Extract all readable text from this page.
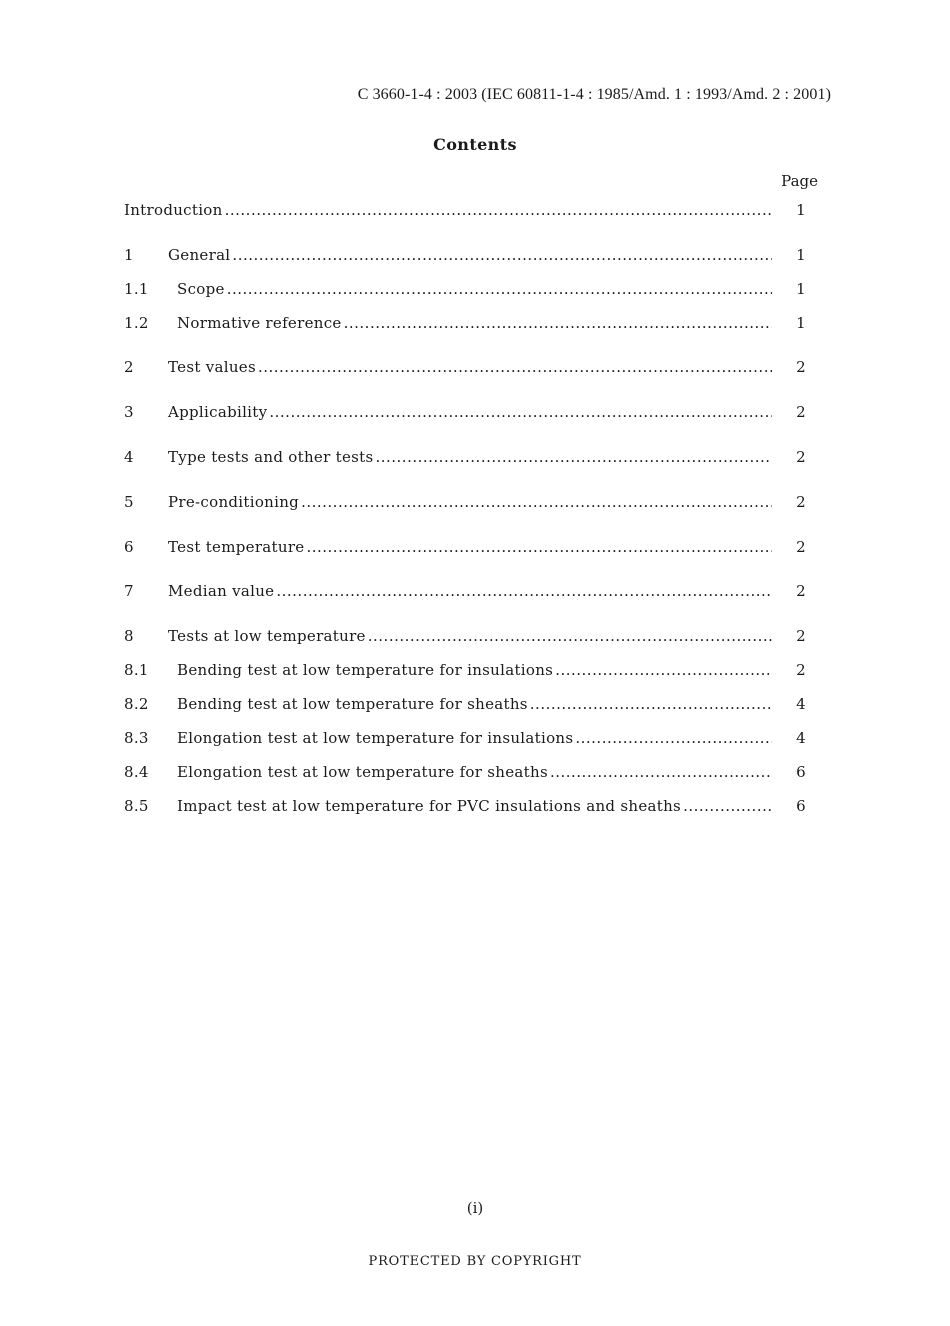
C 3660-1-4 : 2003 (IEC 60811-1-4 : 1985/Amd. 1 : 1993/Amd. 2 : 2001)
Contents
Page
Introduction .....	1
1 General .....	1
1.1 Scope .....	1
1.2 Normative reference .....	1
2 Test values .....	2
3 Applicability .....	2
4 Type tests and other tests .....	2
5 Pre-conditioning .....	2
6 Test temperature .....	2
7 Median value .....	2
8 Tests at low temperature .....	2
8.1 Bending test at low temperature for insulations .....	2
8.2 Bending test at low temperature for sheaths .....	4
8.3 Elongation test at low temperature for insulations .....	4
8.4 Elongation test at low temperature for sheaths .....	6
8.5 Impact test at low temperature for PVC insulations and sheaths .....	6
(i)
PROTECTED BY COPYRIGHT
